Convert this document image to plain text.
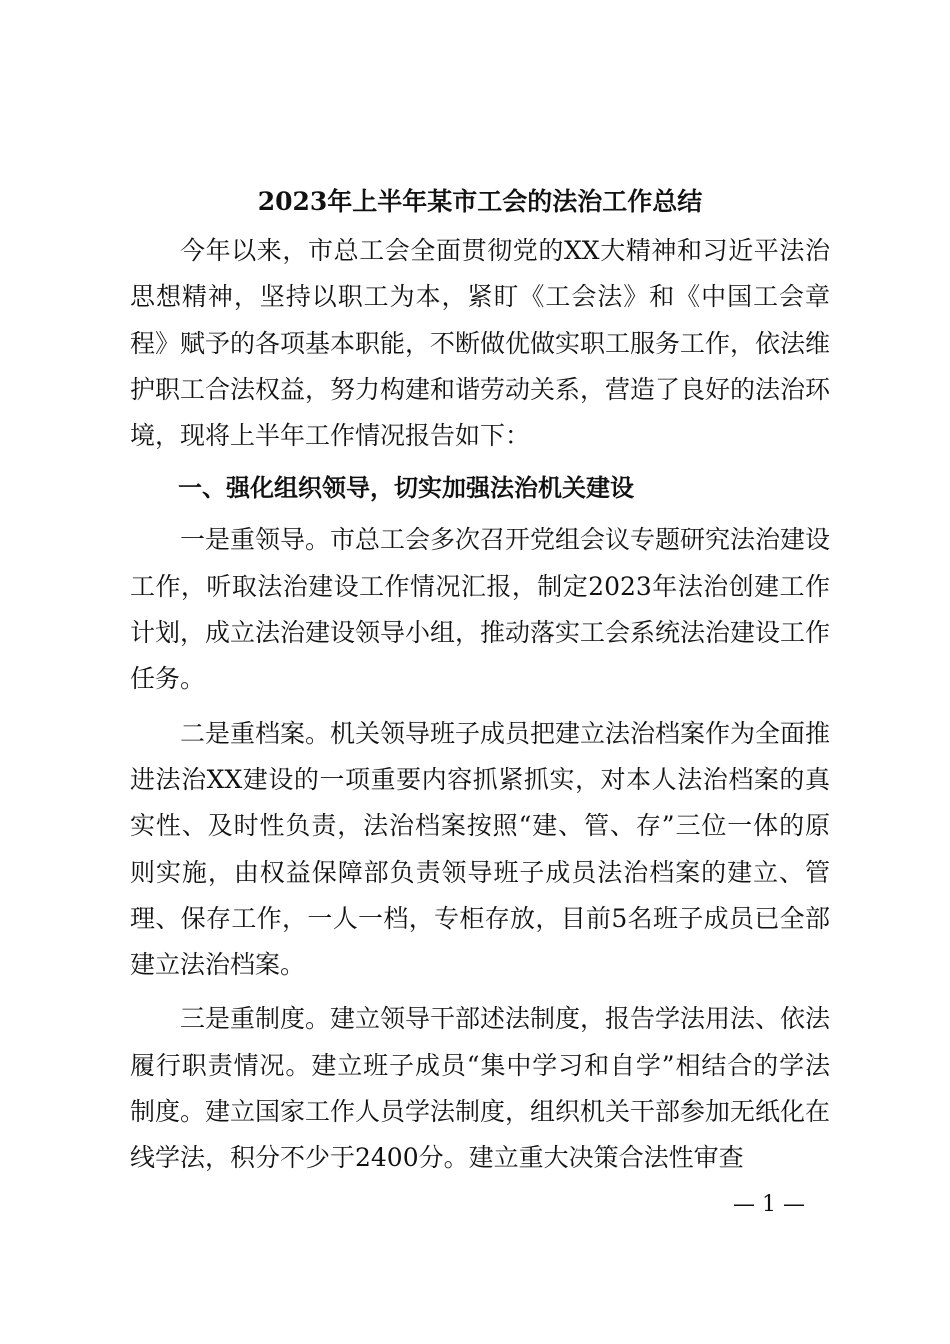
2023年上半年某市工会的法治工作总结

今年以来，市总工会全面贯彻党的XX大精神和习近平法治思想精神，坚持以职工为本，紧盯《工会法》和《中国工会章程》赋予的各项基本职能，不断做优做实职工服务工作，依法维护职工合法权益，努力构建和谐劳动关系，营造了良好的法治环境，现将上半年工作情况报告如下：

一、强化组织领导，切实加强法治机关建设

一是重领导。市总工会多次召开党组会议专题研究法治建设工作，听取法治建设工作情况汇报，制定2023年法治创建工作计划，成立法治建设领导小组，推动落实工会系统法治建设工作任务。

二是重档案。机关领导班子成员把建立法治档案作为全面推进法治XX建设的一项重要内容抓紧抓实，对本人法治档案的真实性、及时性负责，法治档案按照“建、管、存”三位一体的原则实施，由权益保障部负责领导班子成员法治档案的建立、管理、保存工作，一人一档，专柜存放，目前5名班子成员已全部建立法治档案。

三是重制度。建立领导干部述法制度，报告学法用法、依法履行职责情况。建立班子成员“集中学习和自学”相结合的学法制度。建立国家工作人员学法制度，组织机关干部参加无纸化在线学法，积分不少于2400分。建立重大决策合法性审查

— 1 —
